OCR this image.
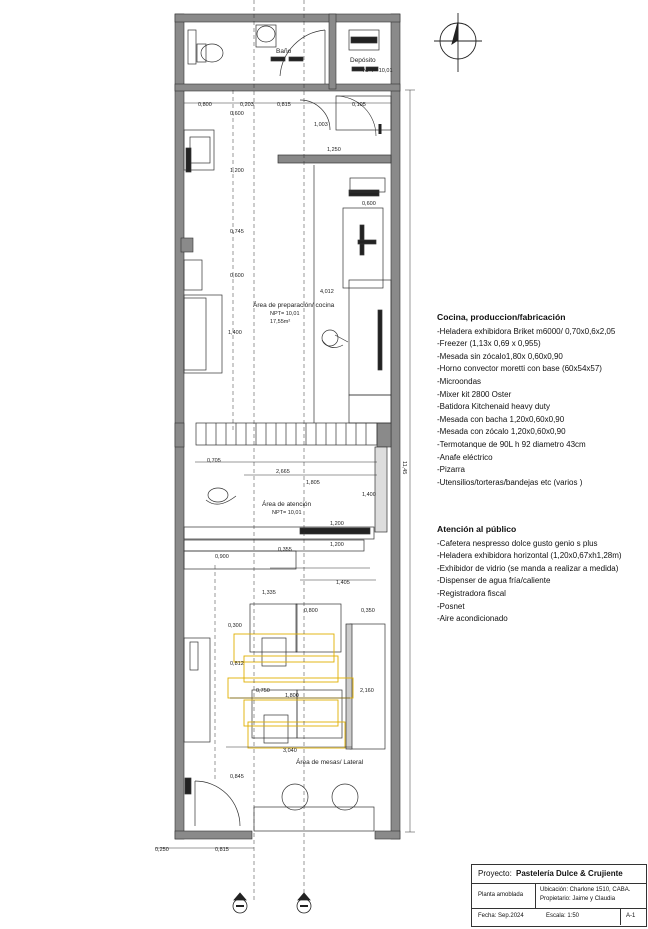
Baño
Depósito
NPT= 10,01
Área de preparación/ cocina
NPT= 10,01
17,55m²
Área de atención
NPT= 10,01
Área de mesas/ Lateral
0,800	0,203	0,815	0,105
1,003
0,600
1,250
1,200
0,600
0,745
0,600
4,012
1,400
0,705
2,665
1,805
1,400
1,200
0,900
0,355
1,200
1,405
1,335
0,800	0,350
0,300
0,812
0,750
1,800
2,160
3,040
0,845
11,45
0,250	0,815
Cocina, produccion/fabricación
-Heladera exhibidora Briket m6000/ 0,70x0,6x2,05
-Freezer (1,13x 0,69 x 0,955)
-Mesada sin zócalo1,80x 0,60x0,90
-Horno convector moretti con base (60x54x57)
-Microondas
-Mixer kit 2800 Oster
-Batidora Kitchenaid heavy duty
-Mesada con bacha 1,20x0,60x0,90
-Mesada con zócalo 1,20x0,60x0,90
-Termotanque de 90L h 92 diametro 43cm
-Anafe eléctrico
-Pizarra
-Utensilios/torteras/bandejas etc (varios )
Atención al público
-Cafetera nespresso dolce gusto genio s plus
-Heladera exhibidora horizontal (1,20x0,67xh1,28m)
-Exhibidor de vidrio (se manda a realizar a medida)
-Dispenser de agua fría/caliente
-Registradora fiscal
-Posnet
-Aire acondicionado
Proyecto: Pastelería Dulce & Crujiente
Planta amoblada
Ubicación: Charlone 1510, CABA.
Propietario: Jaime y Claudia
Fecha: Sep.2024	Escala: 1:50	A-1
